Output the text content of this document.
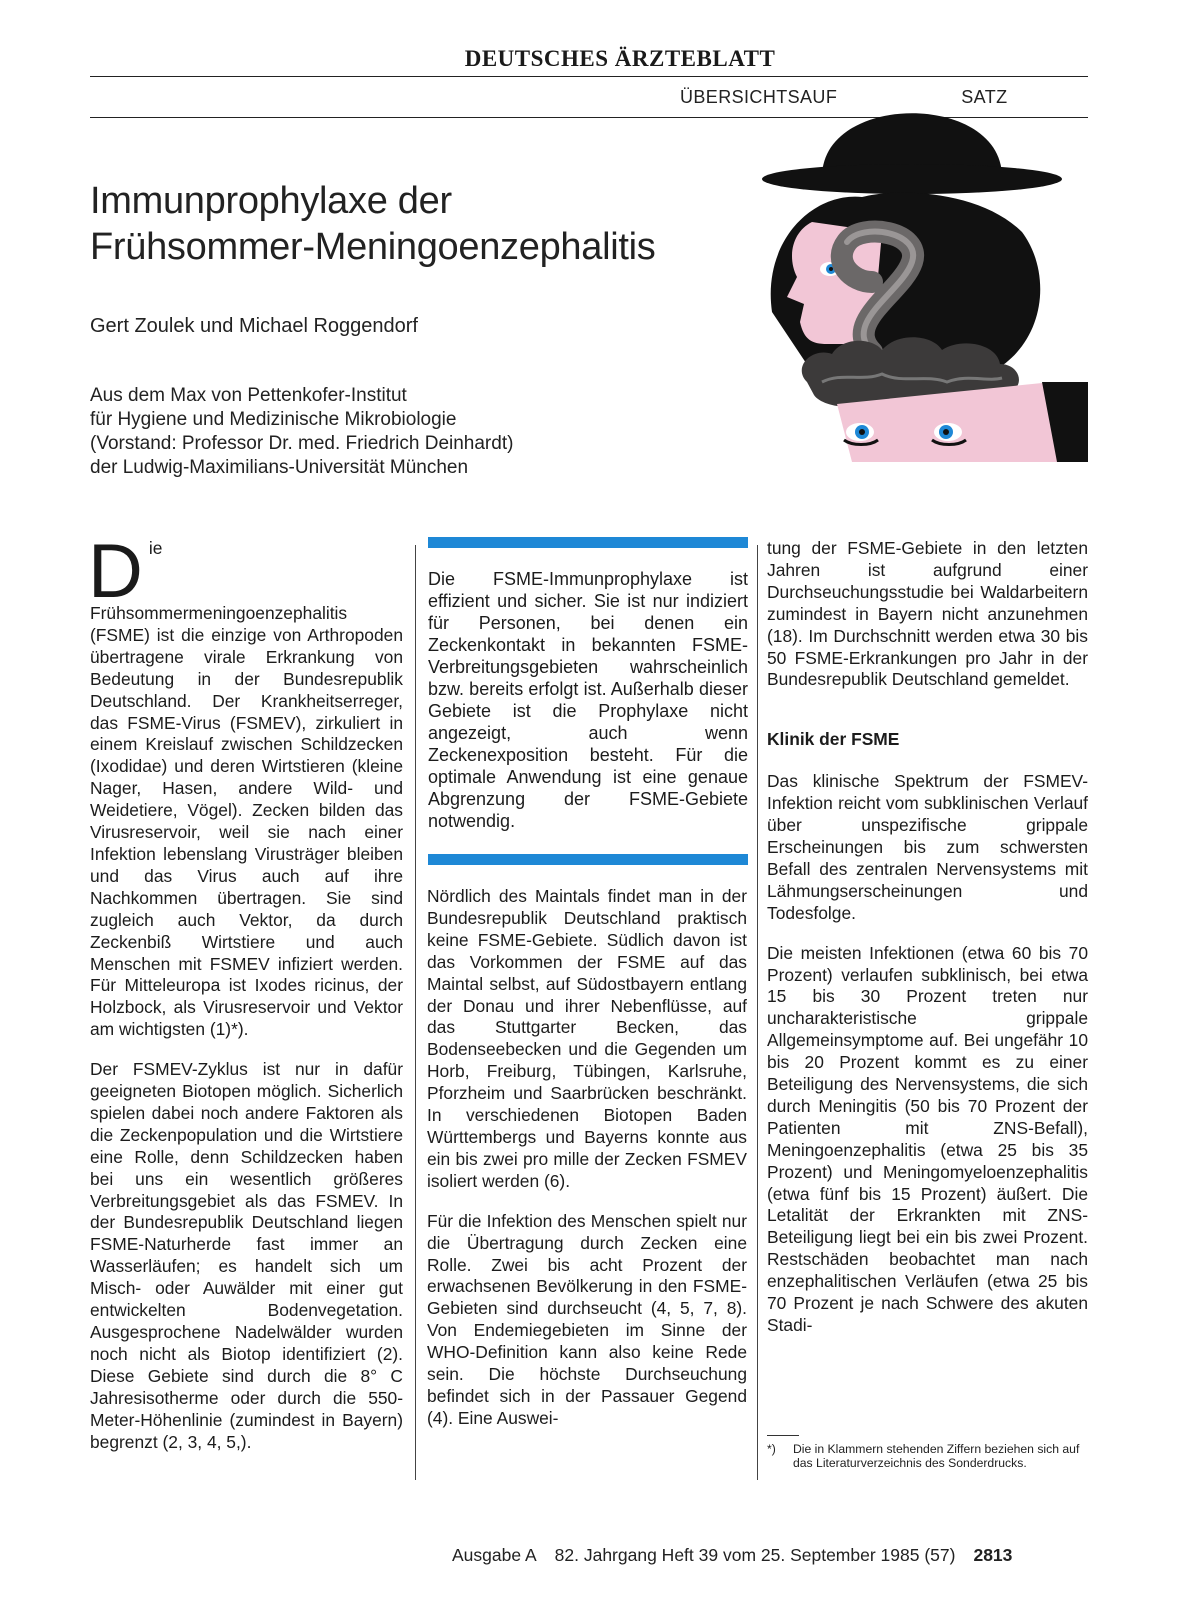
DEUTSCHES ÄRZTEBLATT
ÜBERSICHTSAUF	SATZ
Immunprophylaxe der
Frühsommer-Meningoenzephalitis
Gert Zoulek und Michael Roggendorf
Aus dem Max von Pettenkofer-Institut
für Hygiene und Medizinische Mikrobiologie
(Vorstand: Professor Dr. med. Friedrich Deinhardt)
der Ludwig-Maximilians-Universität München

Die Frühsommermeningoenzephalitis (FSME) ist die einzige von Arthropoden übertragene virale Erkrankung von Bedeutung in der Bundesrepublik Deutschland. Der Krankheitserreger, das FSME-Virus (FSMEV), zirkuliert in einem Kreislauf zwischen Schildzecken (Ixodidae) und deren Wirtstieren (kleine Nager, Hasen, andere Wild- und Weidetiere, Vögel). Zecken bilden das Virusreservoir, weil sie nach einer Infektion lebenslang Virusträger bleiben und das Virus auch auf ihre Nachkommen übertragen. Sie sind zugleich auch Vektor, da durch Zeckenbiß Wirtstiere und auch Menschen mit FSMEV infiziert werden. Für Mitteleuropa ist Ixodes ricinus, der Holzbock, als Virusreservoir und Vektor am wichtigsten (1)*).

Der FSMEV-Zyklus ist nur in dafür geeigneten Biotopen möglich. Sicherlich spielen dabei noch andere Faktoren als die Zeckenpopulation und die Wirtstiere eine Rolle, denn Schildzecken haben bei uns ein wesentlich größeres Verbreitungsgebiet als das FSMEV. In der Bundesrepublik Deutschland liegen FSME-Naturherde fast immer an Wasserläufen; es handelt sich um Misch- oder Auwälder mit einer gut entwickelten Bodenvegetation. Ausgesprochene Nadelwälder wurden noch nicht als Biotop identifiziert (2). Diese Gebiete sind durch die 8° C Jahresisotherme oder durch die 550-Meter-Höhenlinie (zumindest in Bayern) begrenzt (2, 3, 4, 5,).

Die FSME-Immunprophylaxe ist effizient und sicher. Sie ist nur indiziert für Personen, bei denen ein Zeckenkontakt in bekannten FSME-Verbreitungsgebieten wahrscheinlich bzw. bereits erfolgt ist. Außerhalb dieser Gebiete ist die Prophylaxe nicht angezeigt, auch wenn Zeckenexposition besteht. Für die optimale Anwendung ist eine genaue Abgrenzung der FSME-Gebiete notwendig.

Nördlich des Maintals findet man in der Bundesrepublik Deutschland praktisch keine FSME-Gebiete. Südlich davon ist das Vorkommen der FSME auf das Maintal selbst, auf Südostbayern entlang der Donau und ihrer Nebenflüsse, auf das Stuttgarter Becken, das Bodenseebecken und die Gegenden um Horb, Freiburg, Tübingen, Karlsruhe, Pforzheim und Saarbrücken beschränkt. In verschiedenen Biotopen Baden Württembergs und Bayerns konnte aus ein bis zwei pro mille der Zecken FSMEV isoliert werden (6).

Für die Infektion des Menschen spielt nur die Übertragung durch Zecken eine Rolle. Zwei bis acht Prozent der erwachsenen Bevölkerung in den FSME-Gebieten sind durchseucht (4, 5, 7, 8). Von Endemiegebieten im Sinne der WHO-Definition kann also keine Rede sein. Die höchste Durchseuchung befindet sich in der Passauer Gegend (4). Eine Auswei-

tung der FSME-Gebiete in den letzten Jahren ist aufgrund einer Durchseuchungsstudie bei Waldarbeitern zumindest in Bayern nicht anzunehmen (18). Im Durchschnitt werden etwa 30 bis 50 FSME-Erkrankungen pro Jahr in der Bundesrepublik Deutschland gemeldet.

Klinik der FSME

Das klinische Spektrum der FSMEV-Infektion reicht vom subklinischen Verlauf über unspezifische grippale Erscheinungen bis zum schwersten Befall des zentralen Nervensystems mit Lähmungserscheinungen und Todesfolge.

Die meisten Infektionen (etwa 60 bis 70 Prozent) verlaufen subklinisch, bei etwa 15 bis 30 Prozent treten nur uncharakteristische grippale Allgemeinsymptome auf. Bei ungefähr 10 bis 20 Prozent kommt es zu einer Beteiligung des Nervensystems, die sich durch Meningitis (50 bis 70 Prozent der Patienten mit ZNS-Befall), Meningoenzephalitis (etwa 25 bis 35 Prozent) und Meningomyeloenzephalitis (etwa fünf bis 15 Prozent) äußert. Die Letalität der Erkrankten mit ZNS-Beteiligung liegt bei ein bis zwei Prozent. Restschäden beobachtet man nach enzephalitischen Verläufen (etwa 25 bis 70 Prozent je nach Schwere des akuten Stadi-

*) Die in Klammern stehenden Ziffern beziehen sich auf das Literaturverzeichnis des Sonderdrucks.
Ausgabe A 82. Jahrgang Heft 39 vom 25. September 1985 (57) 2813
